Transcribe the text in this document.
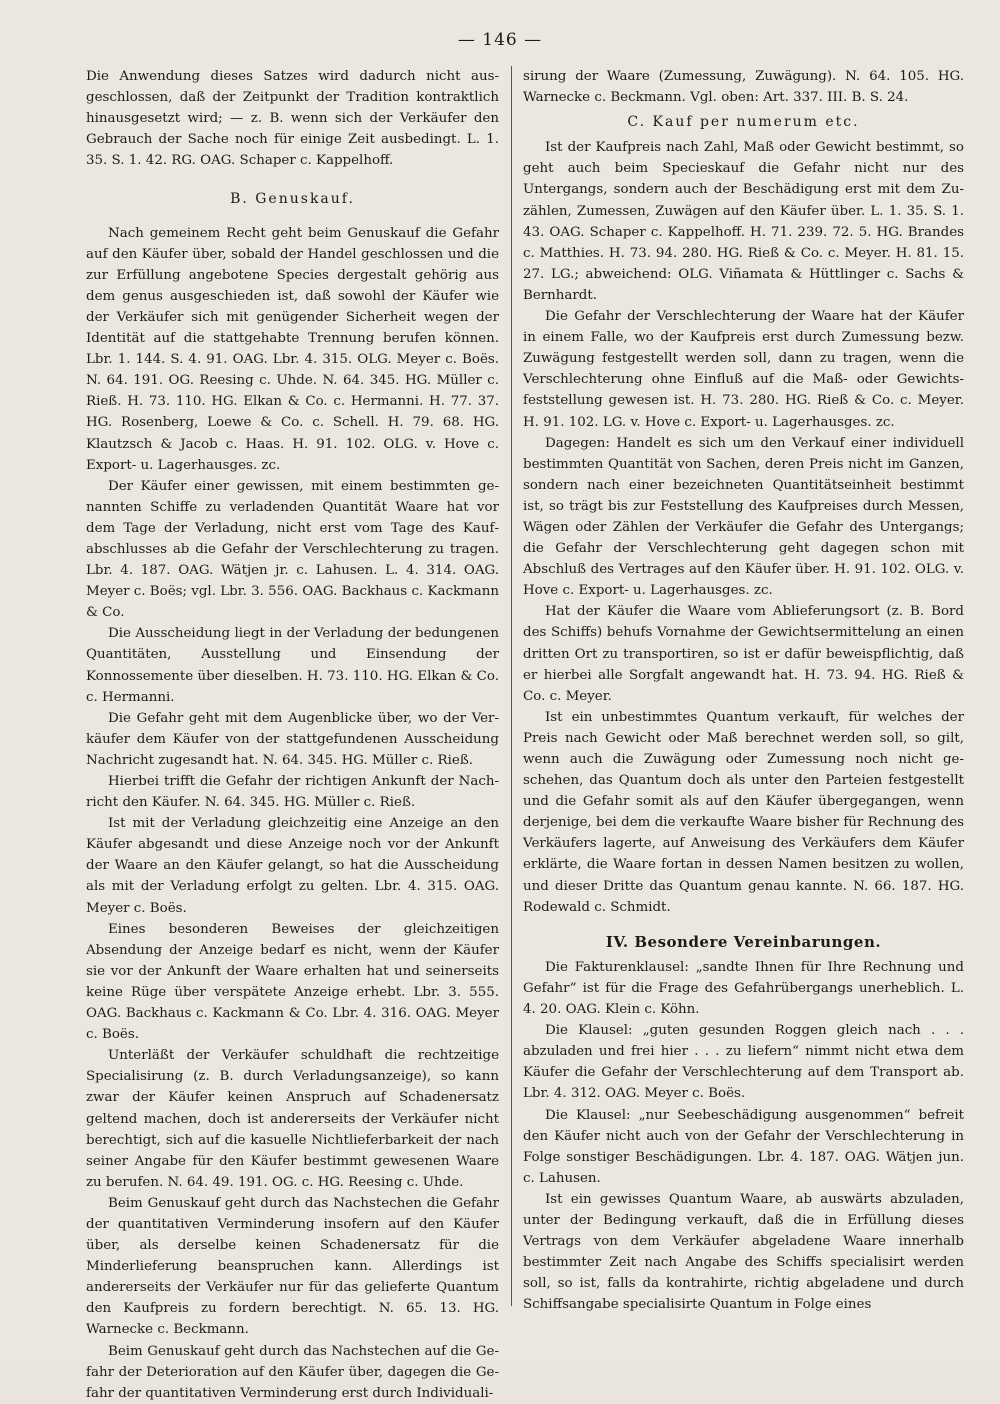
— 146 —

Die Anwendung dieses Satzes wird dadurch nicht ausgeschlossen, daß der Zeitpunkt der Tradition kontraktlich hinausgesetzt wird; — z. B. wenn sich der Verkäufer den Gebrauch der Sache noch für einige Zeit ausbedingt. L. 1. 35. S. 1. 42. RG. OAG. Schaper c. Kappelhoff.

B. Genuskauf.

Nach gemeinem Recht geht beim Genuskauf die Gefahr auf den Käufer über, sobald der Handel geschlossen und die zur Erfüllung angebotene Species dergestalt gehörig aus dem genus ausgeschieden ist, daß sowohl der Käufer wie der Verkäufer sich mit genügender Sicherheit wegen der Identität auf die stattgehabte Trennung berufen können. Lbr. 1. 144. S. 4. 91. OAG. Lbr. 4. 315. OLG. Meyer c. Boës. N. 64. 191. OG. Reesing c. Uhde. N. 64. 345. HG. Müller c. Rieß. H. 73. 110. HG. Elkan & Co. c. Hermanni. H. 77. 37. HG. Rosenberg, Loewe & Co. c. Schell. H. 79. 68. HG. Klautzsch & Jacob c. Haas. H. 91. 102. OLG. v. Hove c. Export- u. Lagerhausges. zc.

Der Käufer einer gewissen, mit einem bestimmten genannten Schiffe zu verladenden Quantität Waare hat vor dem Tage der Verladung, nicht erst vom Tage des Kaufabschlusses ab die Gefahr der Verschlechterung zu tragen. Lbr. 4. 187. OAG. Wätjen jr. c. Lahusen. L. 4. 314. OAG. Meyer c. Boës; vgl. Lbr. 3. 556. OAG. Backhaus c. Kackmann & Co.

Die Ausscheidung liegt in der Verladung der bedungenen Quantitäten, Ausstellung und Einsendung der Konnossemente über dieselben. H. 73. 110. HG. Elkan & Co. c. Hermanni.

Die Gefahr geht mit dem Augenblicke über, wo der Verkäufer dem Käufer von der stattgefundenen Ausscheidung Nachricht zugesandt hat. N. 64. 345. HG. Müller c. Rieß.

Hierbei trifft die Gefahr der richtigen Ankunft der Nachricht den Käufer. N. 64. 345. HG. Müller c. Rieß.

Ist mit der Verladung gleichzeitig eine Anzeige an den Käufer abgesandt und diese Anzeige noch vor der Ankunft der Waare an den Käufer gelangt, so hat die Ausscheidung als mit der Verladung erfolgt zu gelten. Lbr. 4. 315. OAG. Meyer c. Boës.

Eines besonderen Beweises der gleichzeitigen Absendung der Anzeige bedarf es nicht, wenn der Käufer sie vor der Ankunft der Waare erhalten hat und seinerseits keine Rüge über verspätete Anzeige erhebt. Lbr. 3. 555. OAG. Backhaus c. Kackmann & Co. Lbr. 4. 316. OAG. Meyer c. Boës.

Unterläßt der Verkäufer schuldhaft die rechtzeitige Specialisirung (z. B. durch Verladungsanzeige), so kann zwar der Käufer keinen Anspruch auf Schadenersatz geltend machen, doch ist andererseits der Verkäufer nicht berechtigt, sich auf die kasuelle Nichtlieferbarkeit der nach seiner Angabe für den Käufer bestimmt gewesenen Waare zu berufen. N. 64. 49. 191. OG. c. HG. Reesing c. Uhde.

Beim Genuskauf geht durch das Nachstechen die Gefahr der quantitativen Verminderung insofern auf den Käufer über, als derselbe keinen Schadenersatz für die Minderlieferung beanspruchen kann. Allerdings ist andererseits der Verkäufer nur für das gelieferte Quantum den Kaufpreis zu fordern berechtigt. N. 65. 13. HG. Warnecke c. Beckmann.

Beim Genuskauf geht durch das Nachstechen auf die Gefahr der Deterioration auf den Käufer über, dagegen die Gefahr der quantitativen Verminderung erst durch Individuali-

sirung der Waare (Zumessung, Zuwägung). N. 64. 105. HG. Warnecke c. Beckmann. Vgl. oben: Art. 337. III. B. S. 24.

C. Kauf per numerum etc.

Ist der Kaufpreis nach Zahl, Maß oder Gewicht bestimmt, so geht auch beim Specieskauf die Gefahr nicht nur des Untergangs, sondern auch der Beschädigung erst mit dem Zuzählen, Zumessen, Zuwägen auf den Käufer über. L. 1. 35. S. 1. 43. OAG. Schaper c. Kappelhoff. H. 71. 239. 72. 5. HG. Brandes c. Matthies. H. 73. 94. 280. HG. Rieß & Co. c. Meyer. H. 81. 15. 27. LG.; abweichend: OLG. Viñamata & Hüttlinger c. Sachs & Bernhardt.

Die Gefahr der Verschlechterung der Waare hat der Käufer in einem Falle, wo der Kaufpreis erst durch Zumessung bezw. Zuwägung festgestellt werden soll, dann zu tragen, wenn die Verschlechterung ohne Einfluß auf die Maß- oder Gewichtsfeststellung gewesen ist. H. 73. 280. HG. Rieß & Co. c. Meyer. H. 91. 102. LG. v. Hove c. Export- u. Lagerhausges. zc.

Dagegen: Handelt es sich um den Verkauf einer individuell bestimmten Quantität von Sachen, deren Preis nicht im Ganzen, sondern nach einer bezeichneten Quantitätseinheit bestimmt ist, so trägt bis zur Feststellung des Kaufpreises durch Messen, Wägen oder Zählen der Verkäufer die Gefahr des Untergangs; die Gefahr der Verschlechterung geht dagegen schon mit Abschluß des Vertrages auf den Käufer über. H. 91. 102. OLG. v. Hove c. Export- u. Lagerhausges. zc.

Hat der Käufer die Waare vom Ablieferungsort (z. B. Bord des Schiffs) behufs Vornahme der Gewichtsermittelung an einen dritten Ort zu transportiren, so ist er dafür beweispflichtig, daß er hierbei alle Sorgfalt angewandt hat. H. 73. 94. HG. Rieß & Co. c. Meyer.

Ist ein unbestimmtes Quantum verkauft, für welches der Preis nach Gewicht oder Maß berechnet werden soll, so gilt, wenn auch die Zuwägung oder Zumessung noch nicht geschehen, das Quantum doch als unter den Parteien festgestellt und die Gefahr somit als auf den Käufer übergegangen, wenn derjenige, bei dem die verkaufte Waare bisher für Rechnung des Verkäufers lagerte, auf Anweisung des Verkäufers dem Käufer erklärte, die Waare fortan in dessen Namen besitzen zu wollen, und dieser Dritte das Quantum genau kannte. N. 66. 187. HG. Rodewald c. Schmidt.

IV. Besondere Vereinbarungen.

Die Fakturenklausel: „sandte Ihnen für Ihre Rechnung und Gefahr“ ist für die Frage des Gefahrübergangs unerheblich. L. 4. 20. OAG. Klein c. Köhn.

Die Klausel: „guten gesunden Roggen gleich nach . . . abzuladen und frei hier . . . zu liefern“ nimmt nicht etwa dem Käufer die Gefahr der Verschlechterung auf dem Transport ab. Lbr. 4. 312. OAG. Meyer c. Boës.

Die Klausel: „nur Seebeschädigung ausgenommen“ befreit den Käufer nicht auch von der Gefahr der Verschlechterung in Folge sonstiger Beschädigungen. Lbr. 4. 187. OAG. Wätjen jun. c. Lahusen.

Ist ein gewisses Quantum Waare, ab auswärts abzuladen, unter der Bedingung verkauft, daß die in Erfüllung dieses Vertrags von dem Verkäufer abgeladene Waare innerhalb bestimmter Zeit nach Angabe des Schiffs specialisirt werden soll, so ist, falls da kontrahirte, richtig abgeladene und durch Schiffsangabe specialisirte Quantum in Folge eines
